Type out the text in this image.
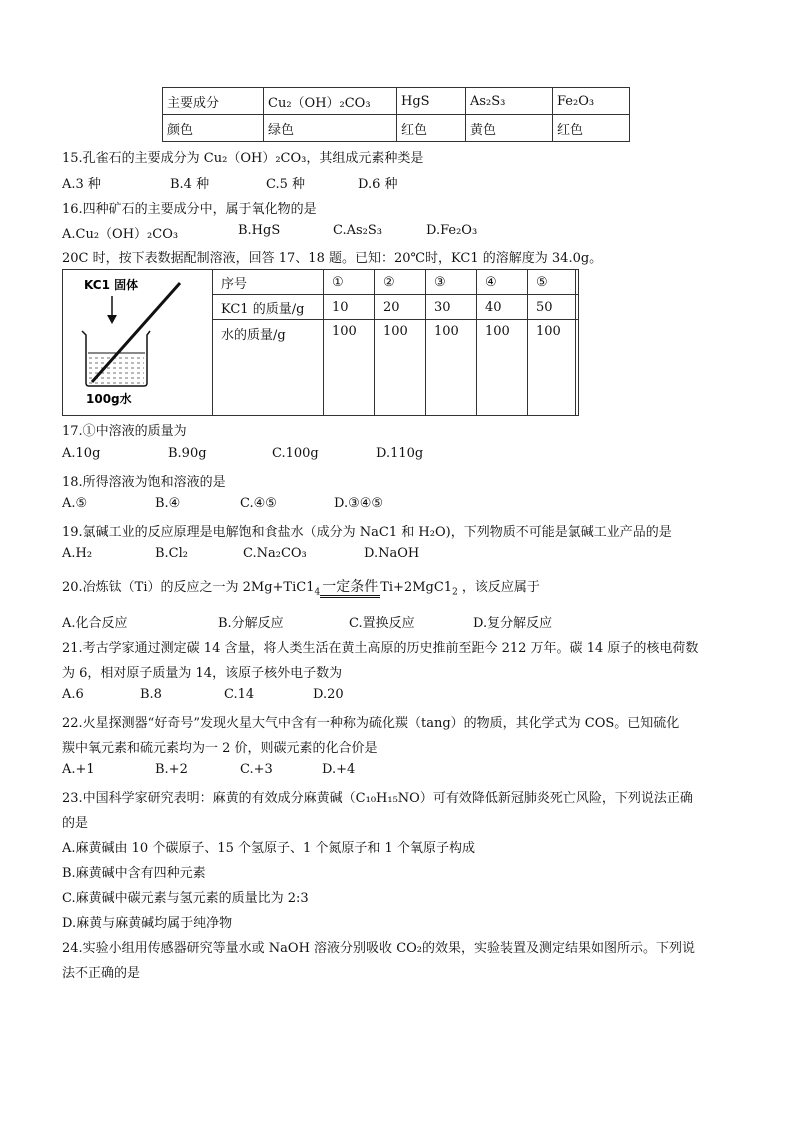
主要成分	Cu₂（OH）₂CO₃	HgS	As₂S₃	Fe₂O₃
颜色	绿色	红色	黄色	红色
15.孔雀石的主要成分为 Cu₂（OH）₂CO₃，其组成元素种类是
A.3 种	B.4 种	C.5 种	D.6 种
16.四种矿石的主要成分中，属于氧化物的是
A.Cu₂（OH）₂CO₃	B.HgS	C.As₂S₃	D.Fe₂O₃
20C 时，按下表数据配制溶液，回答 17、18 题。已知：20℃时，KC1 的溶解度为 34.0g。
KC1 固体
100g水
序号	①	②	③	④	⑤
KC1 的质量/g	10	20	30	40	50
水的质量/g	100	100	100	100	100
17.①中溶液的质量为
A.10g	B.90g	C.100g	D.110g
18.所得溶液为饱和溶液的是
A.⑤	B.④	C.④⑤	D.③④⑤
19.氯碱工业的反应原理是电解饱和食盐水（成分为 NaC1 和 H₂O)，下列物质不可能是氯碱工业产品的是
A.H₂	B.Cl₂	C.Na₂CO₃	D.NaOH
20.冶炼钛（Ti）的反应之一为 $2Mg+TiC1_4$ 一定条件 $Ti+2MgC1_2$ ，该反应属于
A.化合反应	B.分解反应	C.置换反应	D.复分解反应
21.考古学家通过测定碳 14 含量，将人类生活在黄土高原的历史推前至距今 212 万年。碳 14 原子的核电荷数
为 6，相对原子质量为 14，该原子核外电子数为
A.6	B.8	C.14	D.20
22.火星探测器“好奇号”发现火星大气中含有一种称为硫化羰（tang）的物质，其化学式为 COS。已知硫化
羰中氧元素和硫元素均为一 2 价，则碳元素的化合价是
A.+1	B.+2	C.+3	D.+4
23.中国科学家研究表明：麻黄的有效成分麻黄碱（C₁₀H₁₅NO）可有效降低新冠肺炎死亡风险，下列说法正确
的是
A.麻黄碱由 10 个碳原子、15 个氢原子、1 个氮原子和 1 个氧原子构成
B.麻黄碱中含有四种元素
C.麻黄碱中碳元素与氢元素的质量比为 2:3
D.麻黄与麻黄碱均属于纯净物
24.实验小组用传感器研究等量水或 NaOH 溶液分别吸收 CO₂的效果，实验装置及测定结果如图所示。下列说
法不正确的是
